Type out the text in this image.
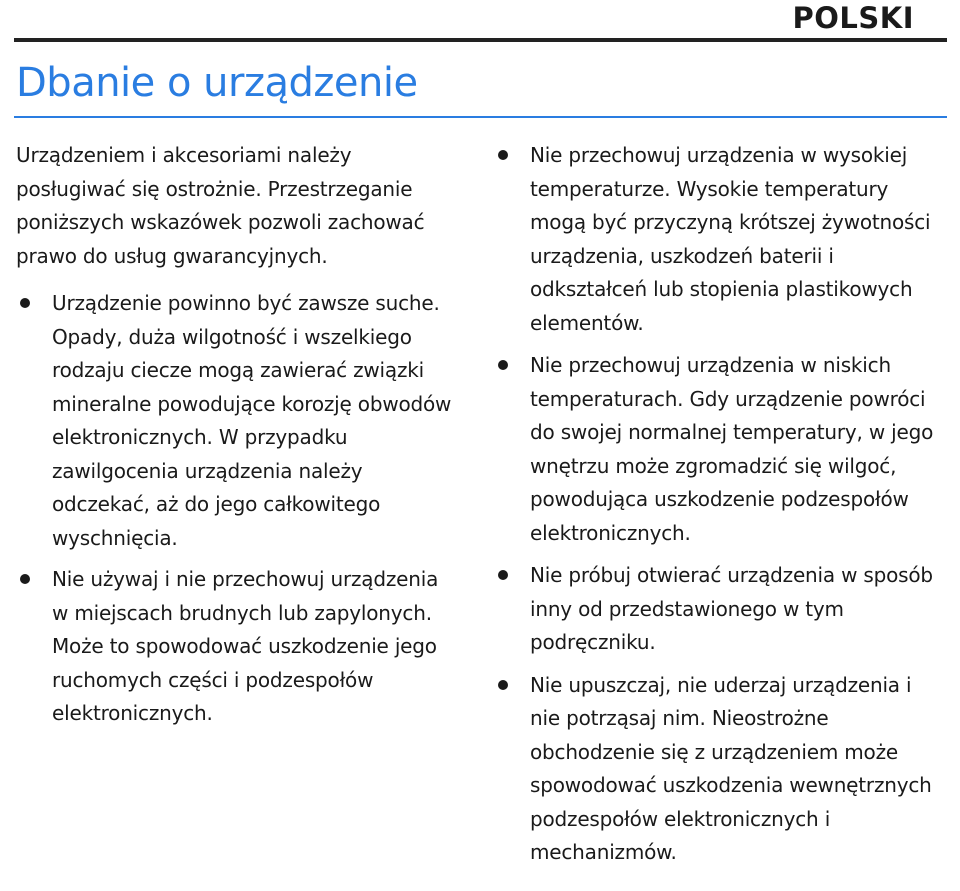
POLSKI
Dbanie o urządzenie

Urządzeniem i akcesoriami należy posługiwać się ostrożnie. Przestrzeganie poniższych wskazówek pozwoli zachować prawo do usług gwarancyjnych.

Urządzenie powinno być zawsze suche. Opady, duża wilgotność i wszelkiego rodzaju ciecze mogą zawierać związki mineralne powodujące korozję obwodów elektronicznych. W przypadku zawilgocenia urządzenia należy odczekać, aż do jego całkowitego wyschnięcia.
Nie używaj i nie przechowuj urządzenia w miejscach brudnych lub zapylonych. Może to spowodować uszkodzenie jego ruchomych części i podzespołów elektronicznych.
Nie przechowuj urządzenia w wysokiej temperaturze. Wysokie temperatury mogą być przyczyną krótszej żywotności urządzenia, uszkodzeń baterii i odkształceń lub stopienia plastikowych elementów.
Nie przechowuj urządzenia w niskich temperaturach. Gdy urządzenie powróci do swojej normalnej temperatury, w jego wnętrzu może zgromadzić się wilgoć, powodująca uszkodzenie podzespołów elektronicznych.
Nie próbuj otwierać urządzenia w sposób inny od przedstawionego w tym podręczniku.
Nie upuszczaj, nie uderzaj urządzenia i nie potrząsaj nim. Nieostrożne obchodzenie się z urządzeniem może spowodować uszkodzenia wewnętrznych podzespołów elektronicznych i mechanizmów.
